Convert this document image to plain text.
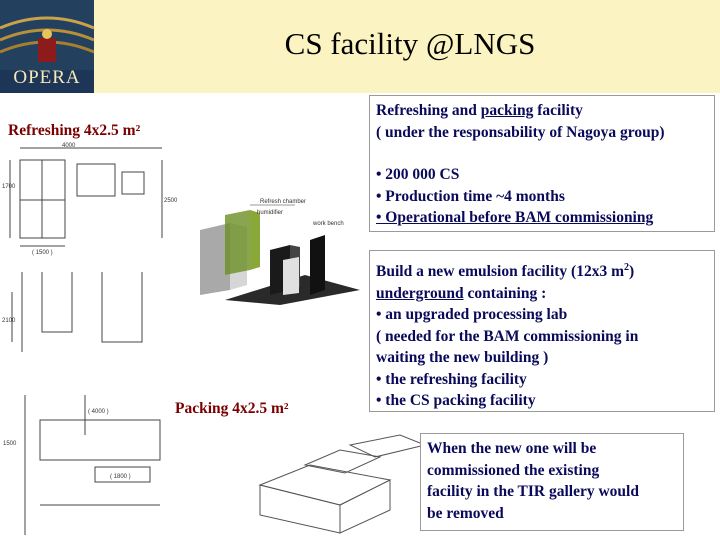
OPERA
CS facility @LNGS
Refreshing 4x2.5 m²
4000
2500
1700
( 1500 )
2100
Refresh chamber
humidifier
work bench
( 4000 )
( 1800 )
1500
Packing 4x2.5 m²

Refreshing and packing facility

( under the responsability of Nagoya group)

• 200 000 CS

• Production time ~4 months

• Operational before BAM commissioning

Build a new emulsion facility (12x3 $m^2$)

underground containing :

• an upgraded processing lab

( needed for the BAM commissioning in

waiting the new building )

• the refreshing facility

• the CS packing facility

When the new one will be

commissioned the existing

facility in the TIR gallery would

be removed
